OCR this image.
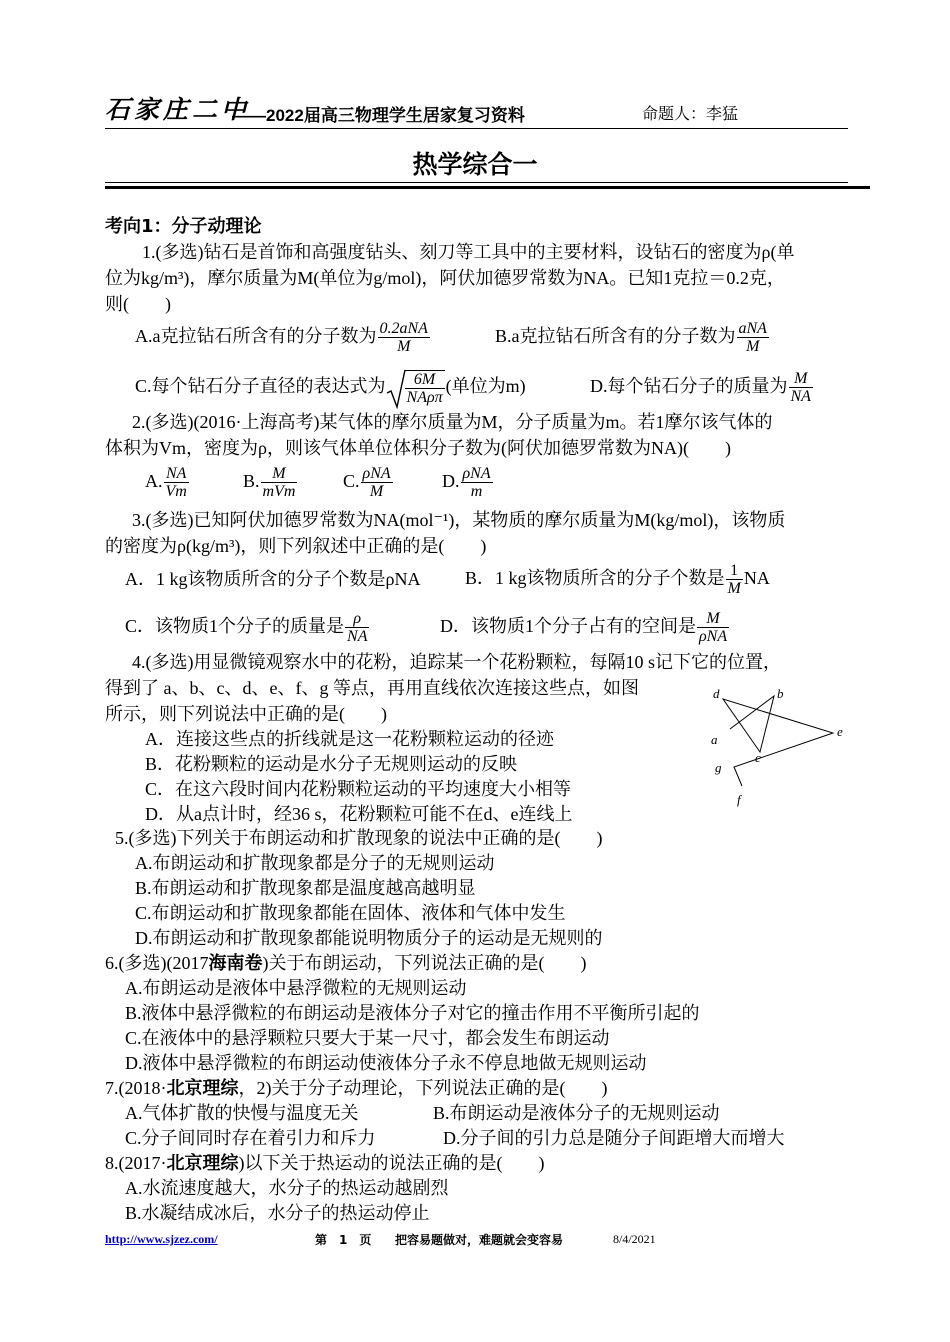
石家庄二中
——2022届高三物理学生居家复习资料	命题人：李猛
热学综合一
考向1：分子动理论
1.(多选)钻石是首饰和高强度钻头、刻刀等工具中的主要材料，设钻石的密度为ρ(单
位为kg/m³)，摩尔质量为M(单位为g/mol)，阿伏加德罗常数为NA。已知1克拉＝0.2克，
则(　　)
A.a克拉钻石所含有的分子数为 $\frac{\text{0.2aNA}}{M}$	B.a克拉钻石所含有的分子数为 $\frac{\text{aNA}}{M}$
C.每个钻石分子直径的表达式为 $\frac{6M}{\text{NAρπ}}$ (单位为m)	D.每个钻石分子的质量为 $\frac{M}{NA}$
2.(多选)(2016·上海高考)某气体的摩尔质量为M，分子质量为m。若1摩尔该气体的
体积为Vm，密度为ρ，则该气体单位体积分子数为(阿伏加德罗常数为NA)(　　)
A. $\frac{NA}{Vm}$	B. $\frac{M}{\text{mVm}}$	C. $\frac{\text{ρNA}}{M}$	D. $\frac{\text{ρNA}}{m}$
3.(多选)已知阿伏加德罗常数为NA(mol⁻¹)，某物质的摩尔质量为M(kg/mol)，该物质
的密度为ρ(kg/m³)，则下列叙述中正确的是(　　)
A．1 kg该物质所含的分子个数是ρNA B．1 kg该物质所含的分子个数是 $\frac{1}{M}$ NA
C．该物质1个分子的质量是 $\frac{\rho}{NA}$	D．该物质1个分子占有的空间是 $\frac{M}{\text{ρNA}}$
4.(多选)用显微镜观察水中的花粉，追踪某一个花粉颗粒，每隔10 s记下它的位置，
得到了 a、b、c、d、e、f、g 等点，再用直线依次连接这些点，如图
所示，则下列说法中正确的是(　　)
A．连接这些点的折线就是这一花粉颗粒运动的径迹
B．花粉颗粒的运动是水分子无规则运动的反映
C．在这六段时间内花粉颗粒运动的平均速度大小相等
D．从a点计时，经36 s，花粉颗粒可能不在d、e连线上
d	b
a
c
e
g
f
5.(多选)下列关于布朗运动和扩散现象的说法中正确的是(　　)
A.布朗运动和扩散现象都是分子的无规则运动
B.布朗运动和扩散现象都是温度越高越明显
C.布朗运动和扩散现象都能在固体、液体和气体中发生
D.布朗运动和扩散现象都能说明物质分子的运动是无规则的
6.(多选)(2017海南卷)关于布朗运动，下列说法正确的是(　　)
A.布朗运动是液体中悬浮微粒的无规则运动
B.液体中悬浮微粒的布朗运动是液体分子对它的撞击作用不平衡所引起的
C.在液体中的悬浮颗粒只要大于某一尺寸，都会发生布朗运动
D.液体中悬浮微粒的布朗运动使液体分子永不停息地做无规则运动
7.(2018·北京理综，2)关于分子动理论，下列说法正确的是(　　)
A.气体扩散的快慢与温度无关	B.布朗运动是液体分子的无规则运动
C.分子间同时存在着引力和斥力	D.分子间的引力总是随分子间距增大而增大
8.(2017·北京理综)以下关于热运动的说法正确的是(　　)
A.水流速度越大，水分子的热运动越剧烈
B.水凝结成冰后，水分子的热运动停止
http://www.sjzez.com/	第　1　页 把容易题做对，难题就会变容易	8/4/2021
